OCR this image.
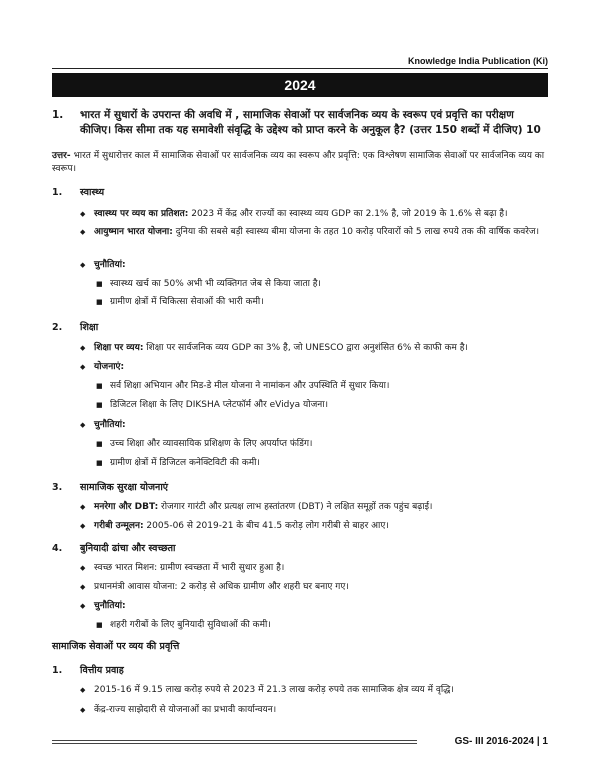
Knowledge India Publication (Ki)
2024
1.	भारत में सुधारों के उपरान्त की अवधि में , सामाजिक सेवाओं पर सार्वजनिक व्यय के स्वरूप एवं प्रवृत्ति का परीक्षण कीजिए। किस सीमा तक यह समावेशी संवृद्धि के उद्देश्य को प्राप्त करने के अनुकूल है? (उत्तर 150 शब्दों में दीजिए) 10
उत्तर- भारत में सुधारोत्तर काल में सामाजिक सेवाओं पर सार्वजनिक व्यय का स्वरूप और प्रवृत्ति: एक विश्लेषण सामाजिक सेवाओं पर सार्वजनिक व्यय का स्वरूप।
1.	स्वास्थ्य
◆ स्वास्थ्य पर व्यय का प्रतिशत: 2023 में केंद्र और राज्यों का स्वास्थ्य व्यय GDP का 2.1% है, जो 2019 के 1.6% से बढ़ा है।
◆ आयुष्मान भारत योजना: दुनिया की सबसे बड़ी स्वास्थ्य बीमा योजना के तहत 10 करोड़ परिवारों को 5 लाख रुपये तक की वार्षिक कवरेज।
◆ चुनौतियां:
■ स्वास्थ्य खर्च का 50% अभी भी व्यक्तिगत जेब से किया जाता है।
■ ग्रामीण क्षेत्रों में चिकित्सा सेवाओं की भारी कमी।
2.	शिक्षा
◆ शिक्षा पर व्यय: शिक्षा पर सार्वजनिक व्यय GDP का 3% है, जो UNESCO द्वारा अनुशंसित 6% से काफी कम है।
◆ योजनाएं:
■ सर्व शिक्षा अभियान और मिड-डे मील योजना ने नामांकन और उपस्थिति में सुधार किया।
■ डिजिटल शिक्षा के लिए DIKSHA प्लेटफॉर्म और eVidya योजना।
◆ चुनौतियां:
■ उच्च शिक्षा और व्यावसायिक प्रशिक्षण के लिए अपर्याप्त फंडिंग।
■ ग्रामीण क्षेत्रों में डिजिटल कनेक्टिविटी की कमी।
3.	सामाजिक सुरक्षा योजनाएं
◆ मनरेगा और DBT: रोजगार गारंटी और प्रत्यक्ष लाभ हस्तांतरण (DBT) ने लक्षित समूहों तक पहुंच बढ़ाई।
◆ गरीबी उन्मूलन: 2005-06 से 2019-21 के बीच 41.5 करोड़ लोग गरीबी से बाहर आए।
4.	बुनियादी ढांचा और स्वच्छता
◆ स्वच्छ भारत मिशन: ग्रामीण स्वच्छता में भारी सुधार हुआ है।
◆ प्रधानमंत्री आवास योजना: 2 करोड़ से अधिक ग्रामीण और शहरी घर बनाए गए।
◆ चुनौतियां:
■ शहरी गरीबों के लिए बुनियादी सुविधाओं की कमी।
सामाजिक सेवाओं पर व्यय की प्रवृत्ति
1.	वित्तीय प्रवाह
◆ 2015-16 में 9.15 लाख करोड़ रुपये से 2023 में 21.3 लाख करोड़ रुपये तक सामाजिक क्षेत्र व्यय में वृद्धि।
◆ केंद्र-राज्य साझेदारी से योजनाओं का प्रभावी कार्यान्वयन।
GS- III 2016-2024 | 1
